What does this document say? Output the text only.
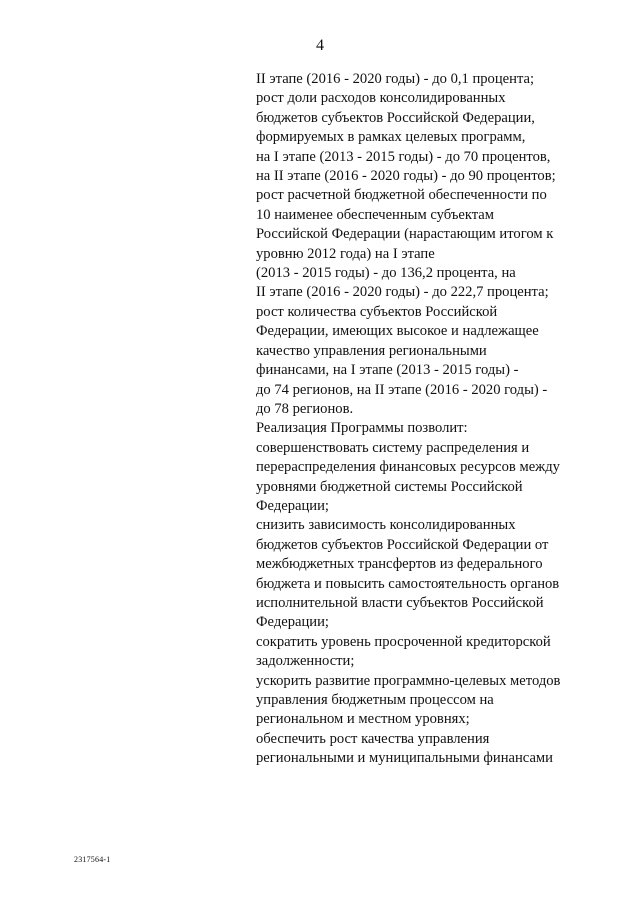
4
II этапе (2016 - 2020 годы) - до 0,1 процента;
рост доли расходов консолидированных
бюджетов субъектов Российской Федерации,
формируемых в рамках целевых программ,
на I этапе (2013 - 2015 годы) - до 70 процентов,
на II этапе (2016 - 2020 годы) - до 90 процентов;
рост расчетной бюджетной обеспеченности по
10 наименее обеспеченным субъектам
Российской Федерации (нарастающим итогом к
уровню 2012 года) на I этапе
(2013 - 2015 годы) - до 136,2 процента, на
II этапе (2016 - 2020 годы) - до 222,7 процента;
рост количества субъектов Российской
Федерации, имеющих высокое и надлежащее
качество управления региональными
финансами, на I этапе (2013 - 2015 годы) -
до 74 регионов, на II этапе (2016 - 2020 годы) -
до 78 регионов.
Реализация Программы позволит:
совершенствовать систему распределения и
перераспределения финансовых ресурсов между
уровнями бюджетной системы Российской
Федерации;
снизить зависимость консолидированных
бюджетов субъектов Российской Федерации от
межбюджетных трансфертов из федерального
бюджета и повысить самостоятельность органов
исполнительной власти субъектов Российской
Федерации;
сократить уровень просроченной кредиторской
задолженности;
ускорить развитие программно-целевых методов
управления бюджетным процессом на
региональном и местном уровнях;
обеспечить рост качества управления
региональными и муниципальными финансами
2317564-1
